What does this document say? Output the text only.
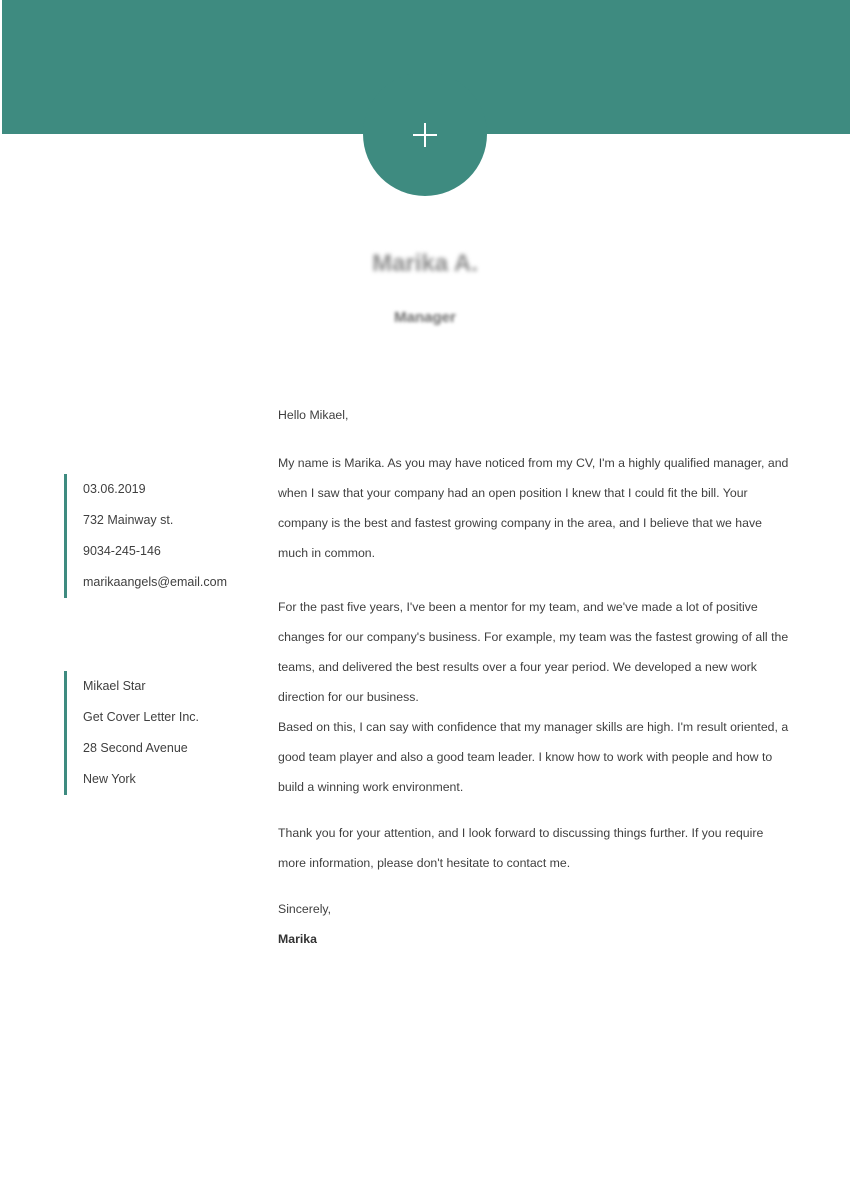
Marika A.
Manager
03.06.2019
732 Mainway st.
9034-245-146
marikaangels@email.com
Mikael Star
Get Cover Letter Inc.
28 Second Avenue
New York
Hello Mikael,

My name is Marika. As you may have noticed from my CV, I'm a highly qualified manager, and when I saw that your company had an open position I knew that I could fit the bill. Your company is the best and fastest growing company in the area, and I believe that we have much in common.

For the past five years, I've been a mentor for my team, and we've made a lot of positive changes for our company's business. For example, my team was the fastest growing of all the teams, and delivered the best results over a four year period. We developed a new work direction for our business.

Based on this, I can say with confidence that my manager skills are high. I'm result oriented, a good team player and also a good team leader. I know how to work with people and how to build a winning work environment.

Thank you for your attention, and I look forward to discussing things further. If you require more information, please don't hesitate to contact me.

Sincerely,
Marika
